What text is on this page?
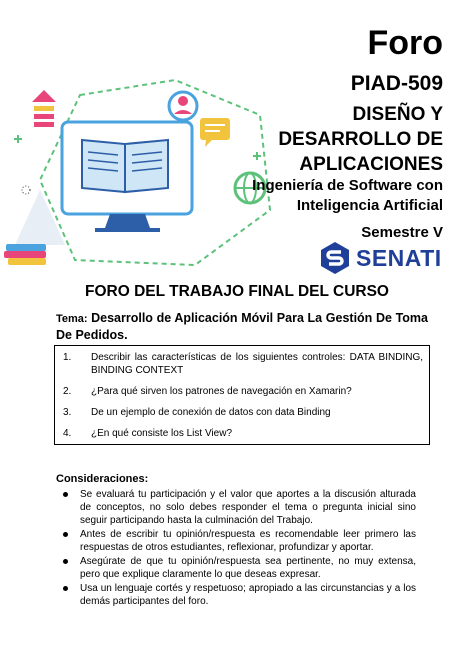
Foro
PIAD-509
DISEÑO Y
DESARROLLO DE
APLICACIONES
Ingeniería de Software con
Inteligencia Artificial
Semestre V
SENATI
FORO DEL TRABAJO FINAL DEL CURSO
Tema: Desarrollo de Aplicación Móvil Para La Gestión De Toma De Pedidos.
1.	Describir las características de los siguientes controles: DATA BINDING, BINDING CONTEXT
2.	¿Para qué sirven los patrones de navegación en Xamarin?
3.	De un ejemplo de conexión de datos con data Binding
4.	¿En qué consiste los List View?
Consideraciones:
Se evaluará tu participación y el valor que aportes a la discusión alturada de conceptos, no solo debes responder el tema o pregunta inicial sino seguir participando hasta la culminación del Trabajo.
Antes de escribir tu opinión/respuesta es recomendable leer primero las respuestas de otros estudiantes, reflexionar, profundizar y aportar.
Asegúrate de que tu opinión/respuesta sea pertinente, no muy extensa, pero que explique claramente lo que deseas expresar.
Usa un lenguaje cortés y respetuoso; apropiado a las circunstancias y a los demás participantes del foro.
